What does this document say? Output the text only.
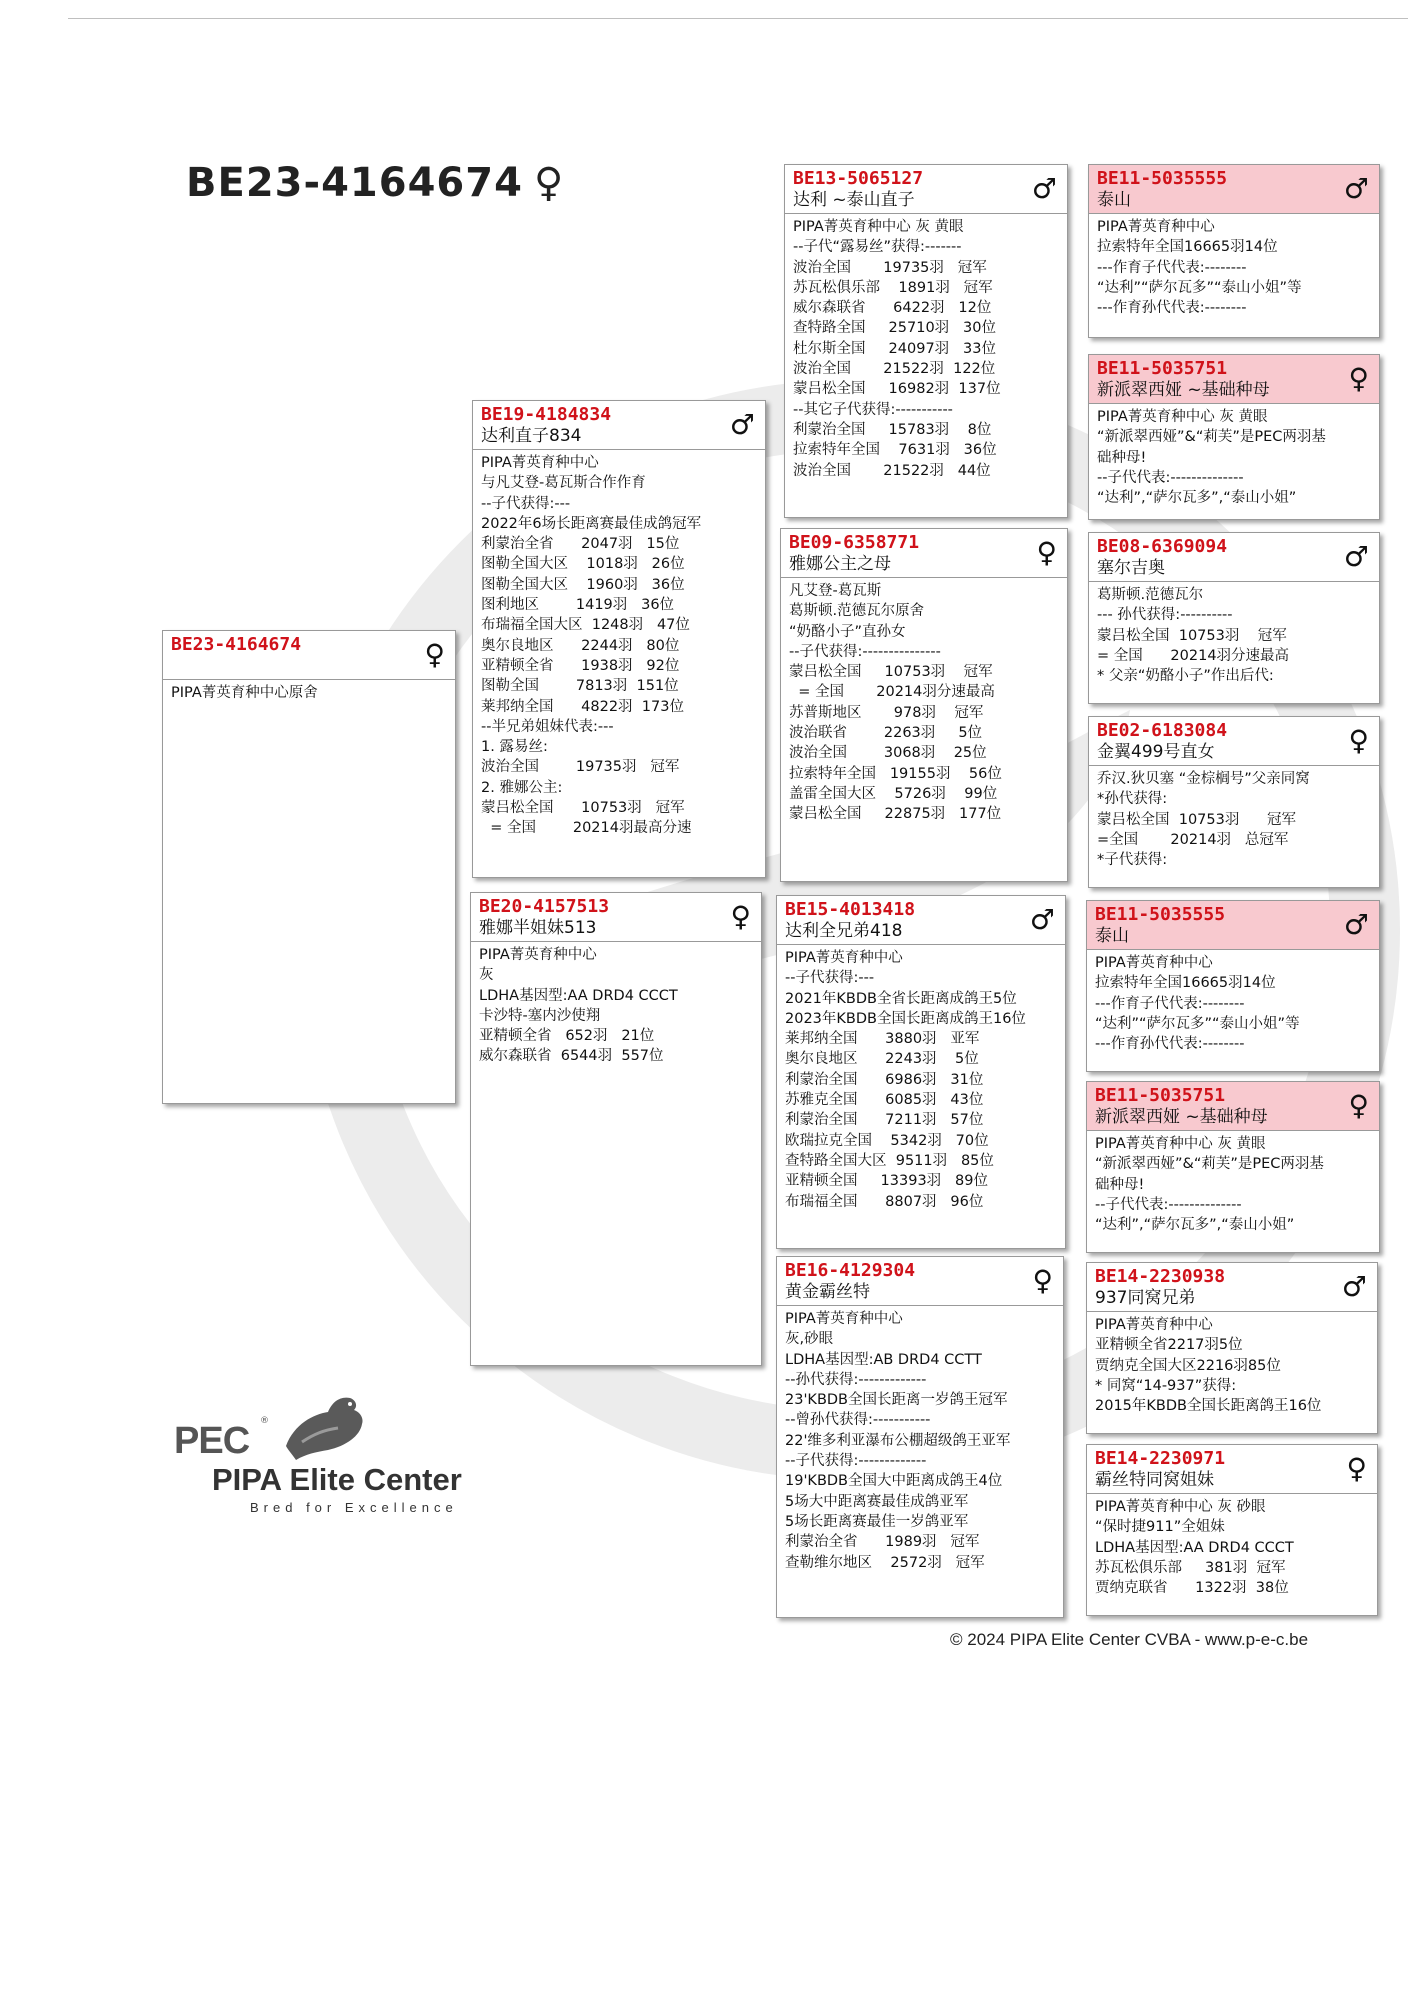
BE23-4164674 ♀
BE23-4164674
	♀
PIPA菁英育种中心原舍
BE19-4184834
达利直子834	♂
PIPA菁英育种中心
与凡艾登-葛瓦斯合作作育
--子代获得:---
2022年6场长距离赛最佳成鸽冠军
利蒙治全省      2047羽   15位
图勒全国大区    1018羽   26位
图勒全国大区    1960羽   36位
图利地区        1419羽   36位
布瑞福全国大区  1248羽   47位
奥尔良地区      2244羽   80位
亚精顿全省      1938羽   92位
图勒全国        7813羽  151位
莱邦纳全国      4822羽  173位
--半兄弟姐妹代表:---
1. 露易丝:
波治全国        19735羽   冠军
2. 雅娜公主:
蒙吕松全国      10753羽   冠军
= 全国        20214羽最高分速
BE20-4157513
雅娜半姐妹513	♀
PIPA菁英育种中心
灰
LDHA基因型:AA DRD4 CCCT
卡沙特-塞内沙使翔
亚精顿全省   652羽   21位
威尔森联省  6544羽  557位
BE13-5065127
达利 ~泰山直子	♂
PIPA菁英育种中心 灰 黄眼
--子代“露易丝”获得:-------
波治全国       19735羽   冠军
苏瓦松俱乐部    1891羽   冠军
威尔森联省      6422羽   12位
查特路全国     25710羽   30位
杜尔斯全国     24097羽   33位
波治全国       21522羽  122位
蒙吕松全国     16982羽  137位
--其它子代获得:-----------
利蒙治全国     15783羽    8位
拉索特年全国    7631羽   36位
波治全国       21522羽   44位
BE09-6358771
雅娜公主之母	♀
凡艾登-葛瓦斯
葛斯顿.范德瓦尔原舍
“奶酪小子”直孙女
--子代获得:---------------
蒙吕松全国     10753羽    冠军
= 全国       20214羽分速最高
苏普斯地区       978羽    冠军
波治联省        2263羽     5位
波治全国        3068羽    25位
拉索特年全国   19155羽    56位
盖雷全国大区    5726羽    99位
蒙吕松全国     22875羽   177位
BE15-4013418
达利全兄弟418	♂
PIPA菁英育种中心
--子代获得:---
2021年KBDB全省长距离成鸽王5位
2023年KBDB全国长距离成鸽王16位
莱邦纳全国      3880羽   亚军
奥尔良地区      2243羽    5位
利蒙治全国      6986羽   31位
苏雅克全国      6085羽   43位
利蒙治全国      7211羽   57位
欧瑞拉克全国    5342羽   70位
查特路全国大区  9511羽   85位
亚精顿全国     13393羽   89位
布瑞福全国      8807羽   96位
BE16-4129304
黄金霸丝特	♀
PIPA菁英育种中心
灰,砂眼
LDHA基因型:AB DRD4 CCTT
--孙代获得:-------------
23'KBDB全国长距离一岁鸽王冠军
--曾孙代获得:-----------
22'维多利亚瀑布公棚超级鸽王亚军
--子代获得:-------------
19'KBDB全国大中距离成鸽王4位
5场大中距离赛最佳成鸽亚军
5场长距离赛最佳一岁鸽亚军
利蒙治全省      1989羽   冠军
查勒维尔地区    2572羽   冠军
BE11-5035555
泰山	♂
PIPA菁英育种中心
拉索特年全国16665羽14位
---作育子代代表:--------
“达利”“萨尔瓦多”“泰山小姐”等
---作育孙代代表:--------
BE11-5035751
新派翠西娅 ~基础种母	♀
PIPA菁英育种中心 灰 黄眼
“新派翠西娅”&“莉芙”是PEC两羽基
础种母!
--子代代表:--------------
“达利”,“萨尔瓦多”,“泰山小姐”
BE08-6369094
塞尔吉奥	♂
葛斯顿.范德瓦尔
--- 孙代获得:----------
蒙吕松全国  10753羽    冠军
= 全国      20214羽分速最高
* 父亲“奶酪小子”作出后代:
BE02-6183084
金翼499号直女	♀
乔汉.狄贝塞 “金棕榈号”父亲同窝
*孙代获得:
蒙吕松全国  10753羽      冠军
=全国       20214羽   总冠军
*子代获得:
BE11-5035555
泰山	♂
PIPA菁英育种中心
拉索特年全国16665羽14位
---作育子代代表:--------
“达利”“萨尔瓦多”“泰山小姐”等
---作育孙代代表:--------
BE11-5035751
新派翠西娅 ~基础种母	♀
PIPA菁英育种中心 灰 黄眼
“新派翠西娅”&“莉芙”是PEC两羽基
础种母!
--子代代表:--------------
“达利”,“萨尔瓦多”,“泰山小姐”
BE14-2230938
937同窝兄弟	♂
PIPA菁英育种中心
亚精顿全省2217羽5位
贾纳克全国大区2216羽85位
* 同窝“14-937”获得:
2015年KBDB全国长距离鸽王16位
BE14-2230971
霸丝特同窝姐妹	♀
PIPA菁英育种中心 灰 砂眼
“保时捷911”全姐妹
LDHA基因型:AA DRD4 CCCT
苏瓦松俱乐部     381羽  冠军
贾纳克联省      1322羽  38位
PEC ®
PIPA Elite Center
Bred for Excellence
© 2024 PIPA Elite Center CVBA - www.p-e-c.be
